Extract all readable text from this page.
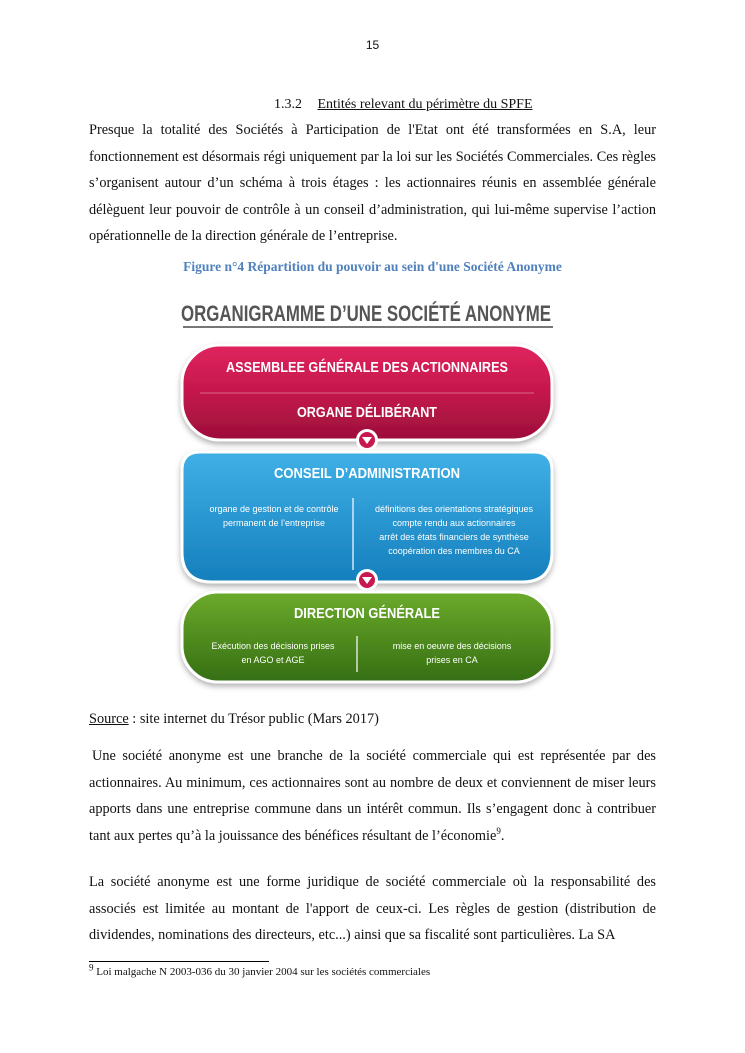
15
1.3.2 Entités relevant du périmètre du SPFE

Presque la totalité des Sociétés à Participation de l'Etat ont été transformées en S.A, leur fonctionnement est désormais régi uniquement par la loi sur les Sociétés Commerciales. Ces règles s’organisent autour d’un schéma à trois étages : les actionnaires réunis en assemblée générale délèguent leur pouvoir de contrôle à un conseil d’administration, qui lui-même supervise l’action opérationnelle de la direction générale de l’entreprise.

Figure n°4 Répartition du pouvoir au sein d'une Société Anonyme
ORGANIGRAMME D’UNE SOCIÉTÉ ANONYME
ASSEMBLEE GÉNÉRALE DES ACTIONNAIRES
ORGANE DÉLIBÉRANT
CONSEIL D’ADMINISTRATION
organe de gestion et de contrôle
permanent de l’entreprise
définitions des orientations stratégiques
compte rendu aux actionnaires
arrêt des états financiers de synthèse
coopération des membres du CA
DIRECTION GÉNÉRALE
Exécution des décisions prises
en AGO et AGE
mise en oeuvre des décisions
prises en CA
Source : site internet du Trésor public (Mars 2017)

Une société anonyme est une branche de la société commerciale qui est représentée par des actionnaires. Au minimum, ces actionnaires sont au nombre de deux et conviennent de miser leurs apports dans une entreprise commune dans un intérêt commun. Ils s’engagent donc à contribuer tant aux pertes qu’à la jouissance des bénéfices résultant de l’économie$^9$.

La société anonyme est une forme juridique de société commerciale où la responsabilité des associés est limitée au montant de l'apport de ceux-ci. Les règles de gestion (distribution de dividendes, nominations des directeurs, etc...) ainsi que sa fiscalité sont particulières. La SA

$^9$ Loi malgache N 2003-036 du 30 janvier 2004 sur les sociétés commerciales
